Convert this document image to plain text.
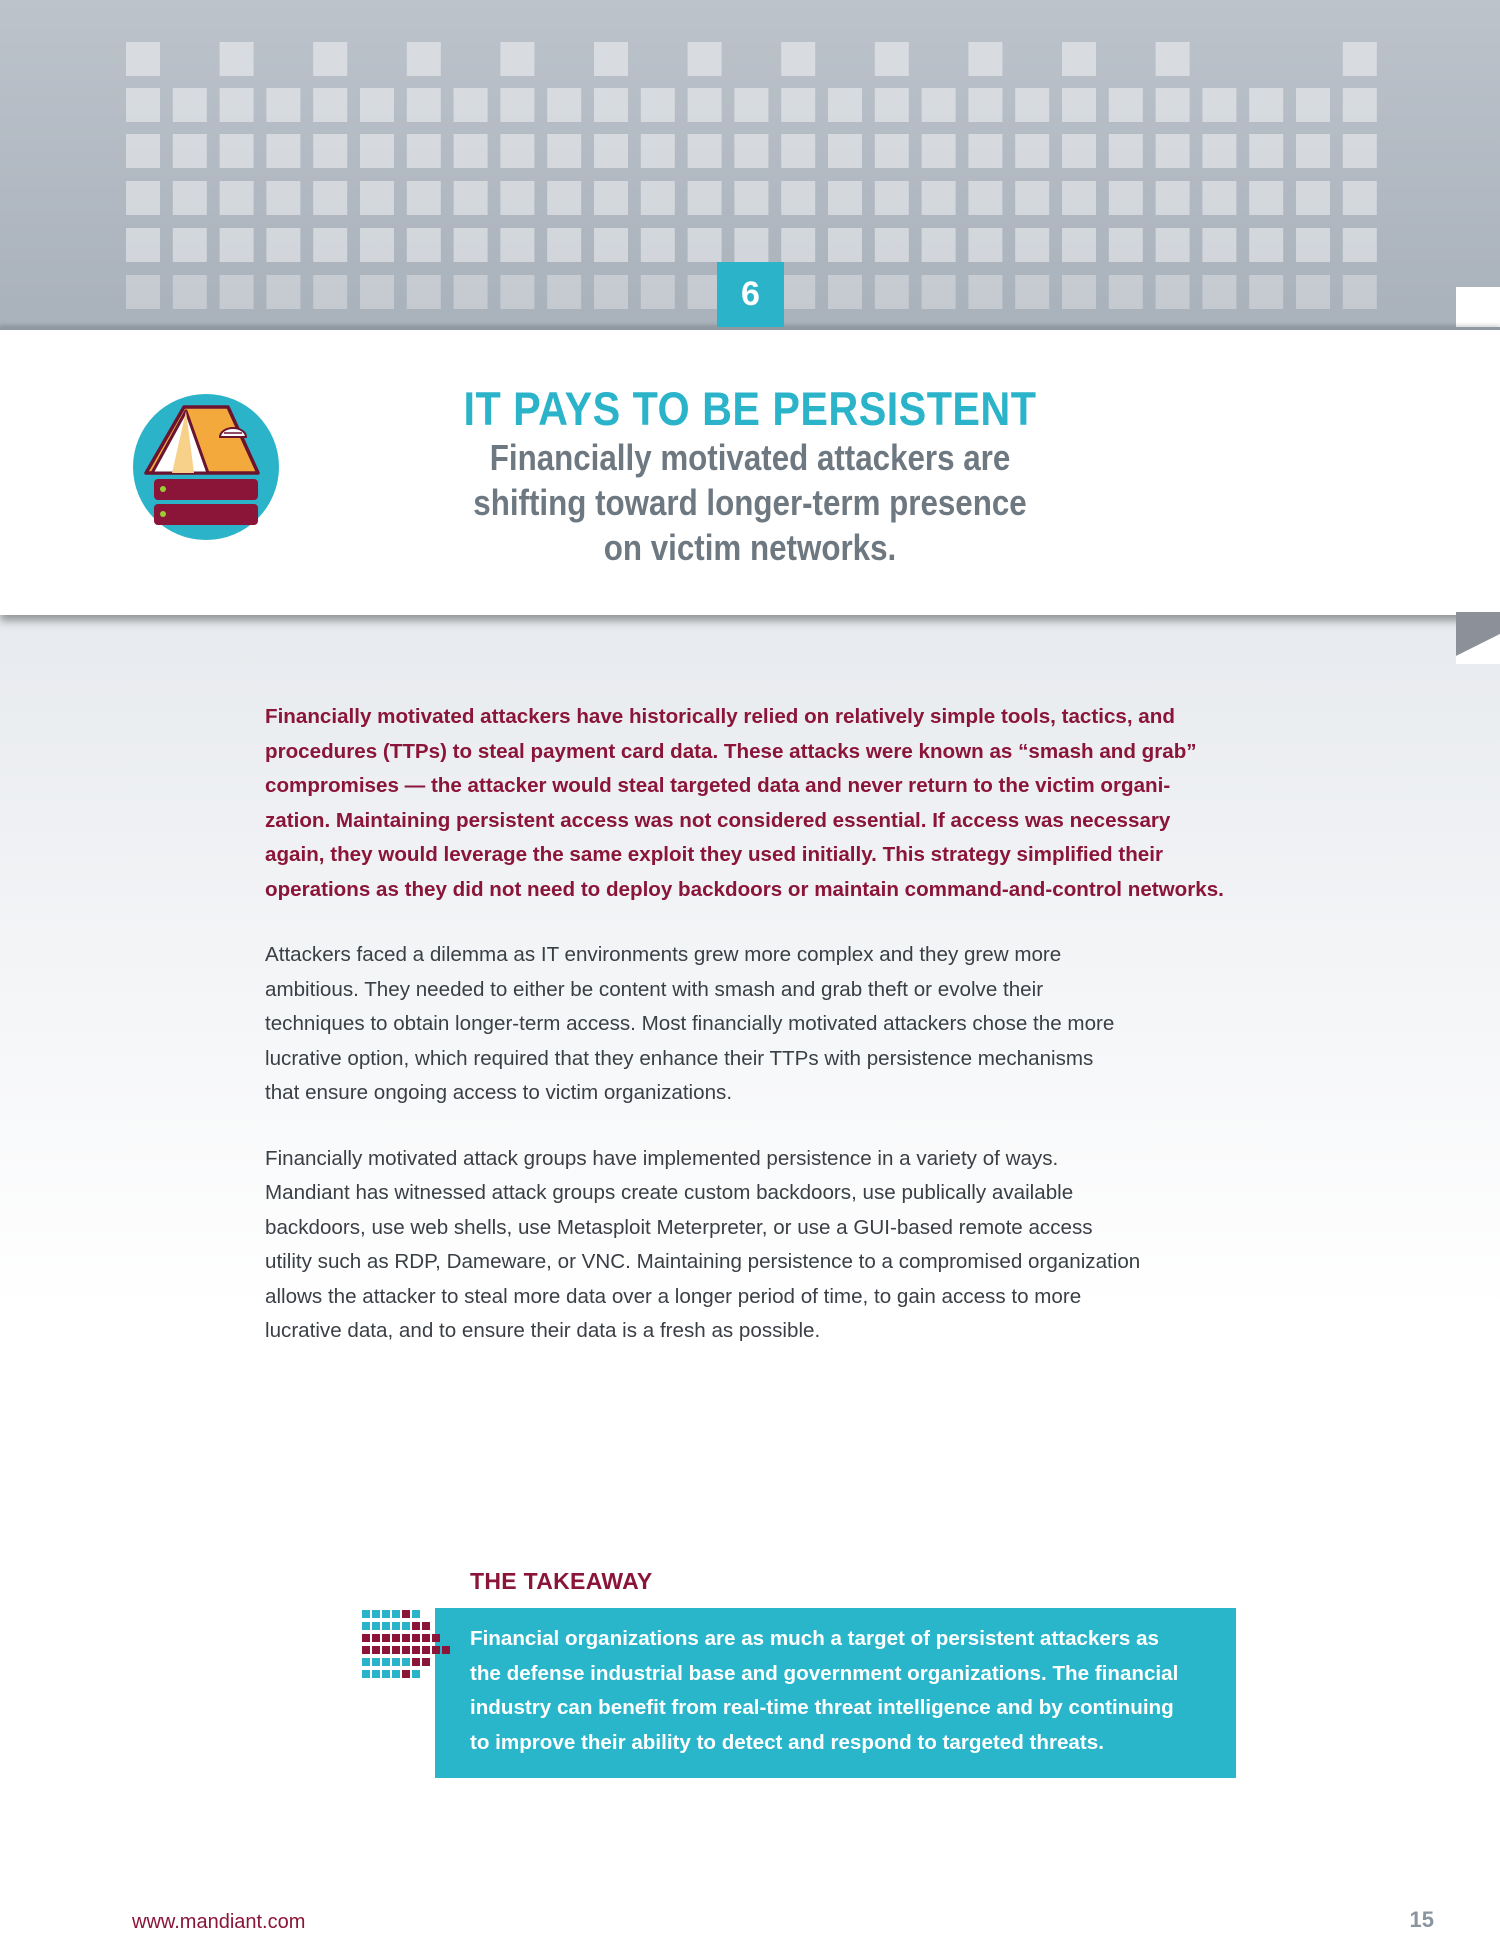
6
IT PAYS TO BE PERSISTENT
Financially motivated attackers are
shifting toward longer-term presence
on victim networks.

Financially motivated attackers have historically relied on relatively simple tools, tactics, and
procedures (TTPs) to steal payment card data. These attacks were known as “smash and grab”
compromises — the attacker would steal targeted data and never return to the victim organi-
zation. Maintaining persistent access was not considered essential. If access was necessary
again, they would leverage the same exploit they used initially. This strategy simplified their
operations as they did not need to deploy backdoors or maintain command-and-control networks.

Attackers faced a dilemma as IT environments grew more complex and they grew more
ambitious. They needed to either be content with smash and grab theft or evolve their
techniques to obtain longer-term access. Most financially motivated attackers chose the more
lucrative option, which required that they enhance their TTPs with persistence mechanisms
that ensure ongoing access to victim organizations.

Financially motivated attack groups have implemented persistence in a variety of ways.
Mandiant has witnessed attack groups create custom backdoors, use publically available
backdoors, use web shells, use Metasploit Meterpreter, or use a GUI-based remote access
utility such as RDP, Dameware, or VNC. Maintaining persistence to a compromised organization
allows the attacker to steal more data over a longer period of time, to gain access to more
lucrative data, and to ensure their data is a fresh as possible.

THE TAKEAWAY
Financial organizations are as much a target of persistent attackers as
the defense industrial base and government organizations. The financial
industry can benefit from real-time threat intelligence and by continuing
to improve their ability to detect and respond to targeted threats.
www.mandiant.com	15
